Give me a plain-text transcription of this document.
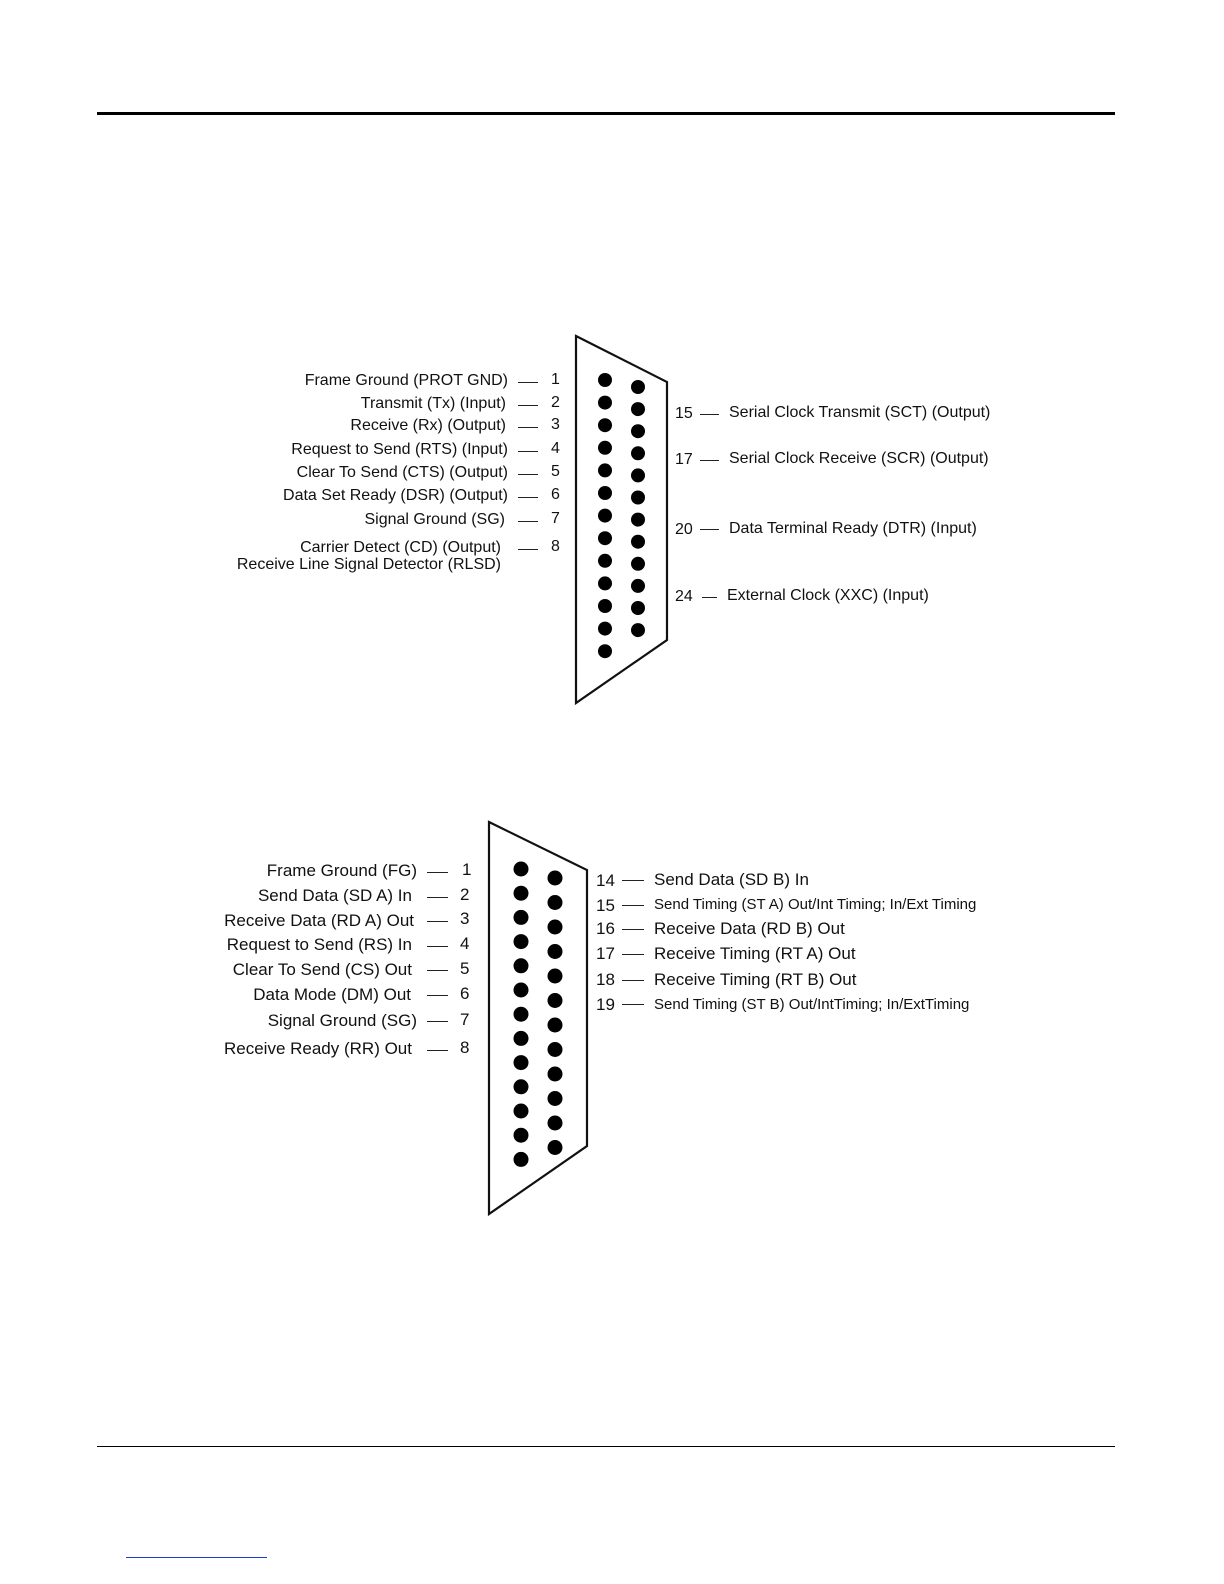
Frame Ground (PROT GND)	1
Transmit (Tx) (Input)	2
Receive (Rx) (Output)	3
Request to Send (RTS) (Input)	4
Clear To Send (CTS) (Output)	5
Data Set Ready (DSR) (Output)	6
Signal Ground (SG)	7
Carrier Detect (CD) (Output)
Receive Line Signal Detector (RLSD)
8
15 Serial Clock Transmit (SCT) (Output)
17 Serial Clock Receive (SCR) (Output)
20 Data Terminal Ready (DTR) (Input)
24 External Clock (XXC) (Input)
Frame Ground (FG)	1
Send Data (SD A) In	2
Receive Data (RD A) Out	3
Request to Send (RS) In	4
Clear To Send (CS) Out	5
Data Mode (DM) Out	6
Signal Ground (SG)	7
Receive Ready (RR) Out	8
14 Send Data (SD B) In
15	Send Timing (ST A) Out/Int Timing; In/Ext Timing
16 Receive Data (RD B) Out
17 Receive Timing (RT A) Out
18 Receive Timing (RT B) Out
19	Send Timing (ST B) Out/IntTiming; In/ExtTiming
